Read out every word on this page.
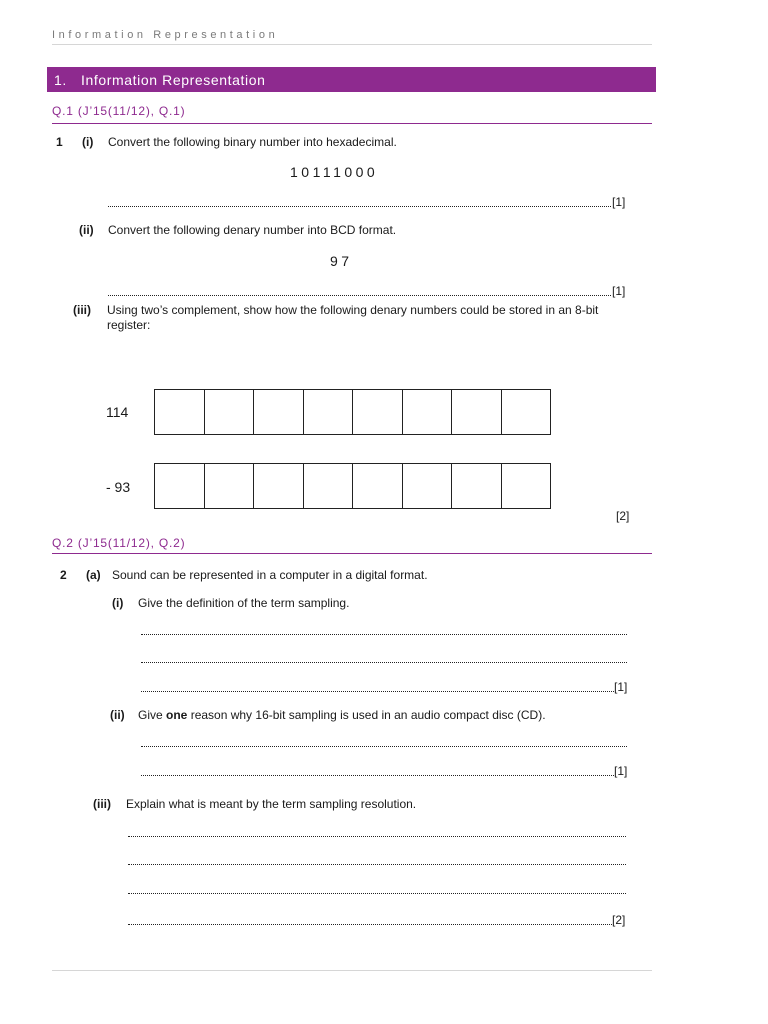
Information Representation
1.	Information Representation
Q.1 (J’15(11/12), Q.1)
1 (i) Convert the following binary number into hexadecimal.
10111000
[1]
(ii) Convert the following denary number into BCD format.
97
[1]
(iii) Using two’s complement, show how the following denary numbers could be stored in an 8-bit
register:
114
- 93
[2]
Q.2 (J’15(11/12), Q.2)
2 (a) Sound can be represented in a computer in a digital format.
(i) Give the definition of the term sampling.
[1]
(ii) Give one reason why 16-bit sampling is used in an audio compact disc (CD).
[1]
(iii) Explain what is meant by the term sampling resolution.
[2]
